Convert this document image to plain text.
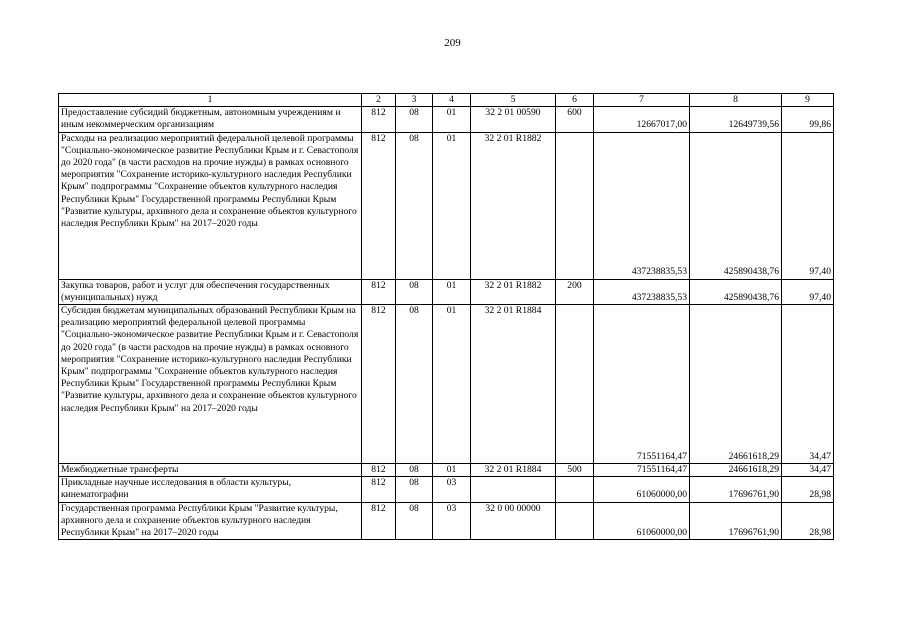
209
1	2	3	4	5	6	7	8	9
Предоставление субсидий бюджетным, автономным учреждениям и иным некоммерческим организациям	812	08	01	32 2 01 00590	600	12667017,00	12649739,56	99,86
Расходы на реализацию мероприятий федеральной целевой программы "Социально-экономическое развитие Республики Крым и г. Севастополя до 2020 года" (в части расходов на прочие нужды) в рамках основного мероприятия "Сохранение историко-культурного наследия Республики Крым" подпрограммы "Сохранение объектов культурного наследия Республики Крым" Государственной программы Республики Крым "Развитие культуры, архивного дела и сохранение объектов культурного наследия Республики Крым" на 2017–2020 годы	812	08	01	32 2 01 R1882		437238835,53	425890438,76	97,40
Закупка товаров, работ и услуг для обеспечения государственных (муниципальных) нужд	812	08	01	32 2 01 R1882	200	437238835,53	425890438,76	97,40
Субсидия бюджетам муниципальных образований Республики Крым на реализацию мероприятий федеральной целевой программы "Социально-экономическое развитие Республики Крым и г. Севастополя до 2020 года" (в части расходов на прочие нужды) в рамках основного мероприятия "Сохранение историко-культурного наследия Республики Крым" подпрограммы "Сохранение объектов культурного наследия Республики Крым" Государственной программы Республики Крым "Развитие культуры, архивного дела и сохранение объектов культурного наследия Республики Крым" на 2017–2020 годы	812	08	01	32 2 01 R1884		71551164,47	24661618,29	34,47
Межбюджетные трансферты	812	08	01	32 2 01 R1884	500	71551164,47	24661618,29	34,47
Прикладные научные исследования в области культуры, кинематографии	812	08	03			61060000,00	17696761,90	28,98
Государственная программа Республики Крым "Развитие культуры, архивного дела и сохранение объектов культурного наследия Республики Крым" на 2017–2020 годы	812	08	03	32 0 00 00000		61060000,00	17696761,90	28,98
